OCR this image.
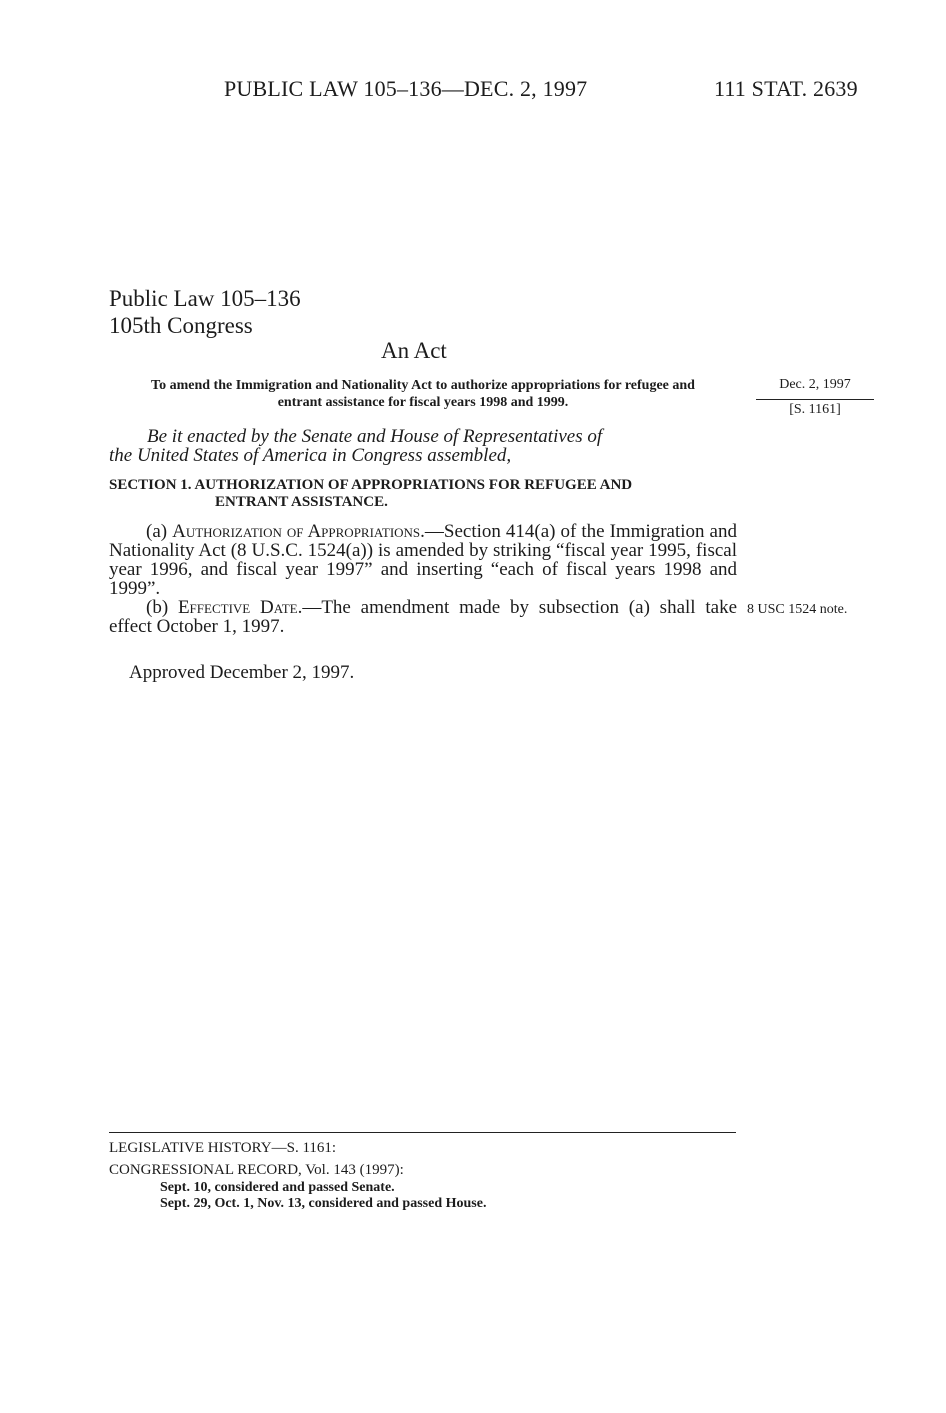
PUBLIC LAW 105–136—DEC. 2, 1997	111 STAT. 2639
Public Law 105–136
105th Congress
An Act
To amend the Immigration and Nationality Act to authorize appropriations for refugee and entrant assistance for fiscal years 1998 and 1999.
Dec. 2, 1997
[S. 1161]
Be it enacted by the Senate and House of Representatives of
the United States of America in Congress assembled,
SECTION 1. AUTHORIZATION OF APPROPRIATIONS FOR REFUGEE AND
ENTRANT ASSISTANCE.

(a) Authorization of Appropriations.—Section 414(a) of the Immigration and Nationality Act (8 U.S.C. 1524(a)) is amended by striking “fiscal year 1995, fiscal year 1996, and fiscal year 1997” and inserting “each of fiscal years 1998 and 1999”.

(b) Effective Date.—The amendment made by subsection (a) shall take effect October 1, 1997.

8 USC 1524 note.
Approved December 2, 1997.
LEGISLATIVE HISTORY—S. 1161:
CONGRESSIONAL RECORD, Vol. 143 (1997):
Sept. 10, considered and passed Senate.
Sept. 29, Oct. 1, Nov. 13, considered and passed House.
